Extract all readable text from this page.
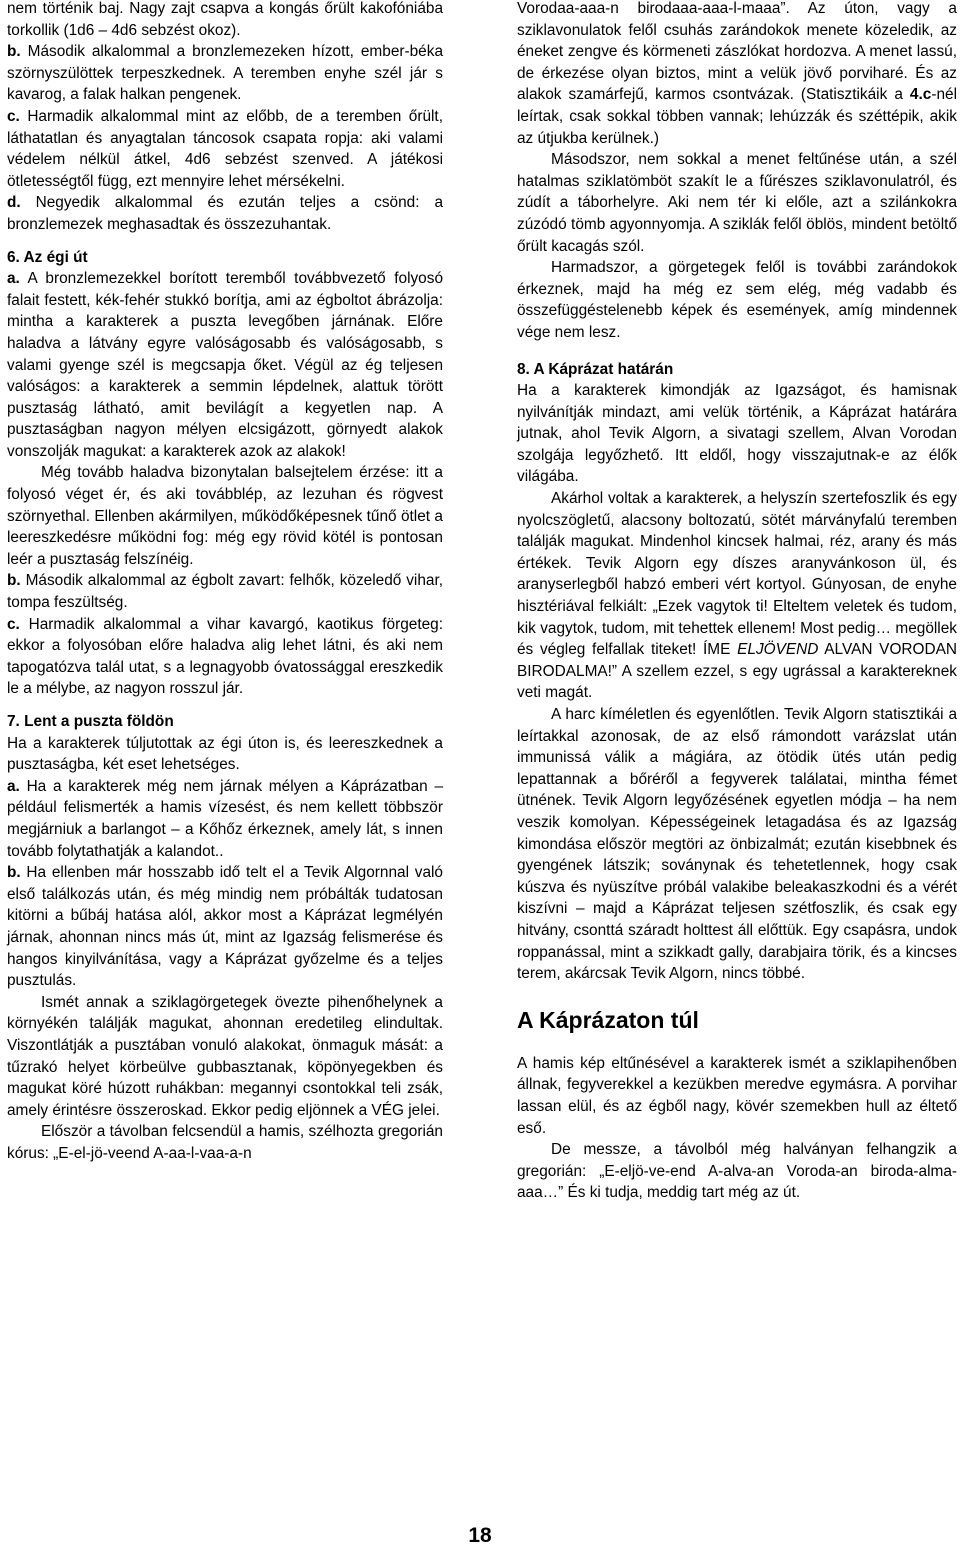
nem történik baj. Nagy zajt csapva a kongás őrült kakofóniába torkollik (1d6 – 4d6 sebzést okoz).

b. Második alkalommal a bronzlemezeken hízott, ember-béka szörnyszülöttek terpeszkednek. A teremben enyhe szél jár s kavarog, a falak halkan pengenek.

c. Harmadik alkalommal mint az előbb, de a teremben őrült, láthatatlan és anyagtalan táncosok csapata ropja: aki valami védelem nélkül átkel, 4d6 sebzést szenved. A játékosi ötletességtől függ, ezt mennyire lehet mérsékelni.

d. Negyedik alkalommal és ezután teljes a csönd: a bronzlemezek meghasadtak és összezuhantak.

6. Az égi út

a. A bronzlemezekkel borított teremből továbbvezető folyosó falait festett, kék-fehér stukkó borítja, ami az égboltot ábrázolja: mintha a karakterek a puszta levegőben járnának. Előre haladva a látvány egyre valóságosabb és valóságosabb, s valami gyenge szél is megcsapja őket. Végül az ég teljesen valóságos: a karakterek a semmin lépdelnek, alattuk törött pusztaság látható, amit bevilágít a kegyetlen nap. A pusztaságban nagyon mélyen elcsigázott, görnyedt alakok vonszolják magukat: a karakterek azok az alakok!

Még tovább haladva bizonytalan balsejtelem érzése: itt a folyosó véget ér, és aki továbblép, az lezuhan és rögvest szörnyethal. Ellenben akármilyen, működőképesnek tűnő ötlet a leereszkedésre működni fog: még egy rövid kötél is pontosan leér a pusztaság felszínéig.

b. Második alkalommal az égbolt zavart: felhők, közeledő vihar, tompa feszültség.

c. Harmadik alkalommal a vihar kavargó, kaotikus förgeteg: ekkor a folyosóban előre haladva alig lehet látni, és aki nem tapogatózva talál utat, s a legnagyobb óvatossággal ereszkedik le a mélybe, az nagyon rosszul jár.

7. Lent a puszta földön

Ha a karakterek túljutottak az égi úton is, és leereszkednek a pusztaságba, két eset lehetséges.

a. Ha a karakterek még nem járnak mélyen a Káprázatban – például felismerték a hamis vízesést, és nem kellett többször megjárniuk a barlangot – a Kőhőz érkeznek, amely lát, s innen tovább folytathatják a kalandot..

b. Ha ellenben már hosszabb idő telt el a Tevik Algornnal való első találkozás után, és még mindig nem próbálták tudatosan kitörni a bűbáj hatása alól, akkor most a Káprázat legmélyén járnak, ahonnan nincs más út, mint az Igazság felismerése és hangos kinyilvánítása, vagy a Káprázat győzelme és a teljes pusztulás.

Ismét annak a sziklagörgetegek övezte pihenőhelynek a környékén találják magukat, ahonnan eredetileg elindultak. Viszontlátják a pusztában vonuló alakokat, önmaguk mását: a tűzrakó helyet körbeülve gubbasztanak, köpönyegekben és magukat köré húzott ruhákban: megannyi csontokkal teli zsák, amely érintésre összeroskad. Ekkor pedig eljönnek a VÉG jelei.

Először a távolban felcsendül a hamis, szélhozta gregorián kórus: „E-el-jö-veend A-aa-l-vaa-a-n

Vorodaa-aaa-n birodaaa-aaa-l-maaa”. Az úton, vagy a sziklavonulatok felől csuhás zarándokok menete közeledik, az éneket zengve és körmeneti zászlókat hordozva. A menet lassú, de érkezése olyan biztos, mint a velük jövő porviharé. És az alakok szamárfejű, karmos csontvázak. (Statisztikáik a 4.c-nél leírtak, csak sokkal többen vannak; lehúzzák és széttépik, akik az útjukba kerülnek.)

Másodszor, nem sokkal a menet feltűnése után, a szél hatalmas sziklatömböt szakít le a fűrészes sziklavonulatról, és zúdít a táborhelyre. Aki nem tér ki előle, azt a szilánkokra zúzódó tömb agyonnyomja. A sziklák felől öblös, mindent betöltő őrült kacagás szól.

Harmadszor, a görgetegek felől is további zarándokok érkeznek, majd ha még ez sem elég, még vadabb és összefüggéstelenebb képek és események, amíg mindennek vége nem lesz.

8. A Káprázat határán

Ha a karakterek kimondják az Igazságot, és hamisnak nyilvánítják mindazt, ami velük történik, a Káprázat határára jutnak, ahol Tevik Algorn, a sivatagi szellem, Alvan Vorodan szolgája legyőzhető. Itt eldől, hogy visszajutnak-e az élők világába.

Akárhol voltak a karakterek, a helyszín szertefoszlik és egy nyolcszögletű, alacsony boltozatú, sötét márványfalú teremben találják magukat. Mindenhol kincsek halmai, réz, arany és más értékek. Tevik Algorn egy díszes aranyvánkoson ül, és aranyserlegből habzó emberi vért kortyol. Gúnyosan, de enyhe hisztériával felkiált: „Ezek vagytok ti! Elteltem veletek és tudom, kik vagytok, tudom, mit tehettek ellenem! Most pedig… megöllek és végleg felfallak titeket! ÍME ELJÖVEND ALVAN VORODAN BIRODALMA!” A szellem ezzel, s egy ugrással a karaktereknek veti magát.

A harc kíméletlen és egyenlőtlen. Tevik Algorn statisztikái a leírtakkal azonosak, de az első rámondott varázslat után immunissá válik a mágiára, az ötödik ütés után pedig lepattannak a bőréről a fegyverek találatai, mintha fémet ütnének. Tevik Algorn legyőzésének egyetlen módja – ha nem veszik komolyan. Képességeinek letagadása és az Igazság kimondása először megtöri az önbizalmát; ezután kisebbnek és gyengének látszik; soványnak és tehetetlennek, hogy csak kúszva és nyüszítve próbál valakibe beleakaszkodni és a vérét kiszívni – majd a Káprázat teljesen szétfoszlik, és csak egy hitvány, csonttá száradt holttest áll előttük. Egy csapásra, undok roppanással, mint a szikkadt gally, darabjaira törik, és a kincses terem, akárcsak Tevik Algorn, nincs többé.

A Káprázaton túl

A hamis kép eltűnésével a karakterek ismét a sziklapihenőben állnak, fegyverekkel a kezükben meredve egymásra. A porvihar lassan elül, és az égből nagy, kövér szemekben hull az éltető eső.

De messze, a távolból még halványan felhangzik a gregorián: „E-eljö-ve-end A-alva-an Voroda-an biroda-alma-aaa…” És ki tudja, meddig tart még az út.

18
